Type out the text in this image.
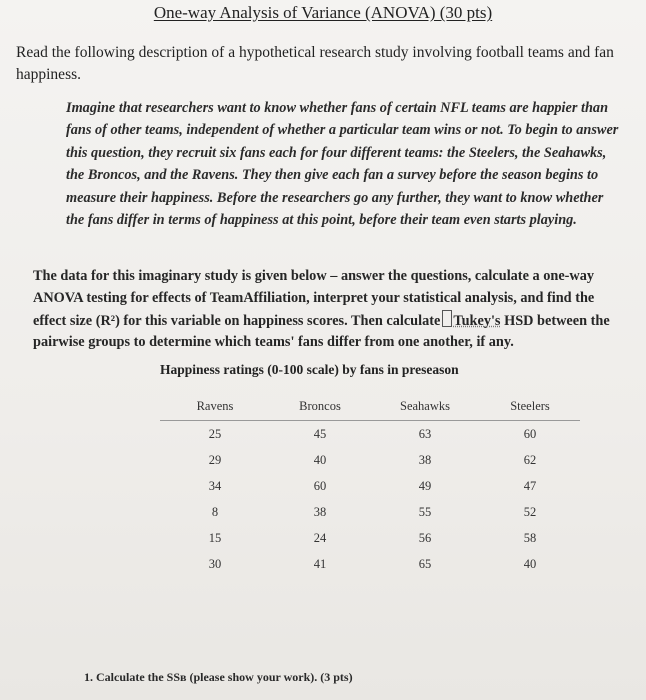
One-way Analysis of Variance (ANOVA) (30 pts)
Read the following description of a hypothetical research study involving football teams and fan happiness.
Imagine that researchers want to know whether fans of certain NFL teams are happier than fans of other teams, independent of whether a particular team wins or not. To begin to answer this question, they recruit six fans each for four different teams: the Steelers, the Seahawks, the Broncos, and the Ravens. They then give each fan a survey before the season begins to measure their happiness. Before the researchers go any further, they want to know whether the fans differ in terms of happiness at this point, before their team even starts playing.
The data for this imaginary study is given below – answer the questions, calculate a one-way ANOVA testing for effects of TeamAffiliation, interpret your statistical analysis, and find the effect size (R²) for this variable on happiness scores. Then calculate Tukey's HSD between the pairwise groups to determine which teams' fans differ from one another, if any.
Happiness ratings (0-100 scale) by fans in preseason
Ravens	Broncos	Seahawks	Steelers
25	45	63	60
29	40	38	62
34	60	49	47
8	38	55	52
15	24	56	58
30	41	65	40
1. Calculate the SSʙ (please show your work). (3 pts)
